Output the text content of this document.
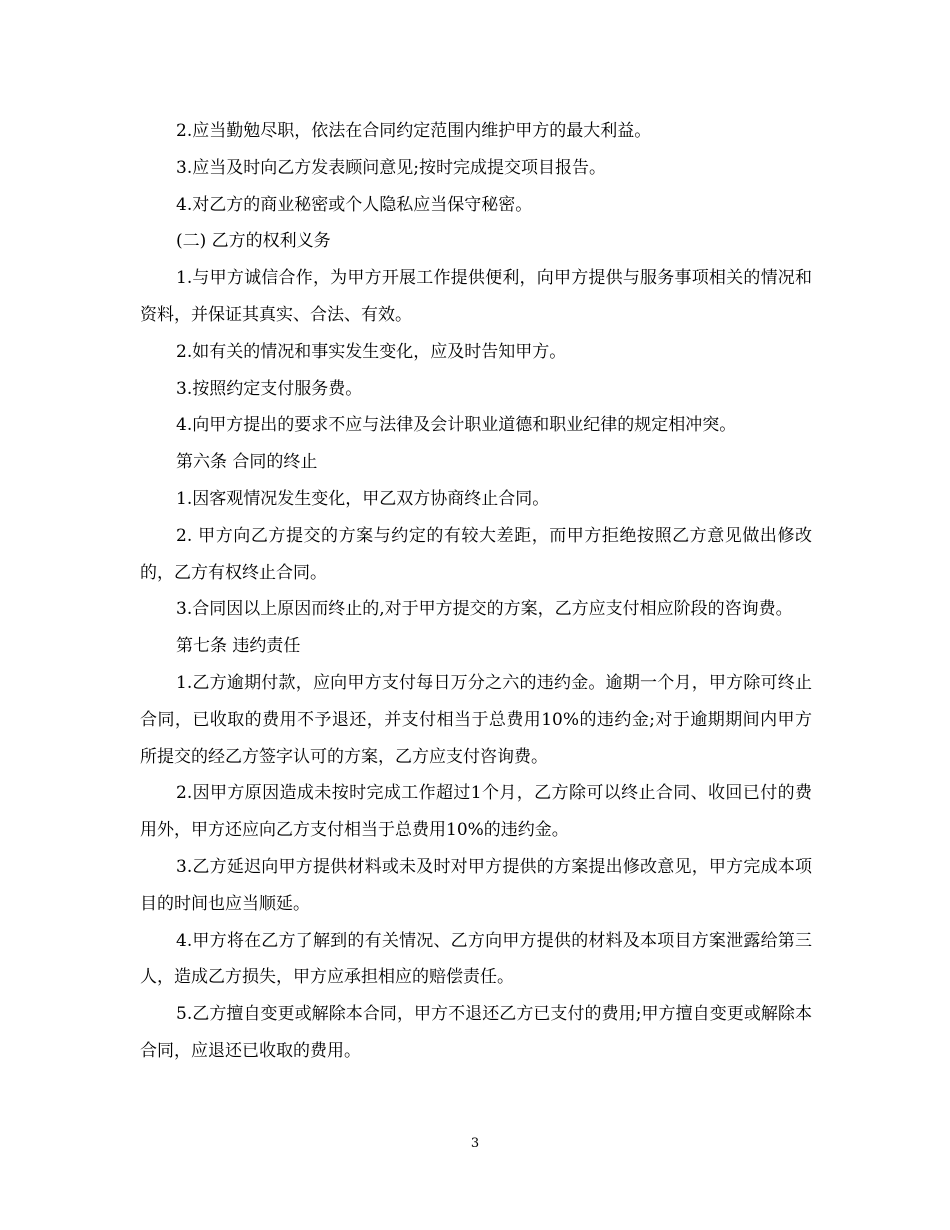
2.应当勤勉尽职，依法在合同约定范围内维护甲方的最大利益。

3.应当及时向乙方发表顾问意见;按时完成提交项目报告。

4.对乙方的商业秘密或个人隐私应当保守秘密。

(二) 乙方的权利义务

1.与甲方诚信合作，为甲方开展工作提供便利，向甲方提供与服务事项相关的情况和资料，并保证其真实、合法、有效。

2.如有关的情况和事实发生变化，应及时告知甲方。

3.按照约定支付服务费。

4.向甲方提出的要求不应与法律及会计职业道德和职业纪律的规定相冲突。

第六条 合同的终止

1.因客观情况发生变化，甲乙双方协商终止合同。

2. 甲方向乙方提交的方案与约定的有较大差距，而甲方拒绝按照乙方意见做出修改的，乙方有权终止合同。

3.合同因以上原因而终止的,对于甲方提交的方案，乙方应支付相应阶段的咨询费。

第七条 违约责任

1.乙方逾期付款，应向甲方支付每日万分之六的违约金。逾期一个月，甲方除可终止合同，已收取的费用不予退还，并支付相当于总费用10%的违约金;对于逾期期间内甲方所提交的经乙方签字认可的方案，乙方应支付咨询费。

2.因甲方原因造成未按时完成工作超过1个月，乙方除可以终止合同、收回已付的费用外，甲方还应向乙方支付相当于总费用10%的违约金。

3.乙方延迟向甲方提供材料或未及时对甲方提供的方案提出修改意见，甲方完成本项目的时间也应当顺延。

4.甲方将在乙方了解到的有关情况、乙方向甲方提供的材料及本项目方案泄露给第三人，造成乙方损失，甲方应承担相应的赔偿责任。

5.乙方擅自变更或解除本合同，甲方不退还乙方已支付的费用;甲方擅自变更或解除本合同，应退还已收取的费用。

3
